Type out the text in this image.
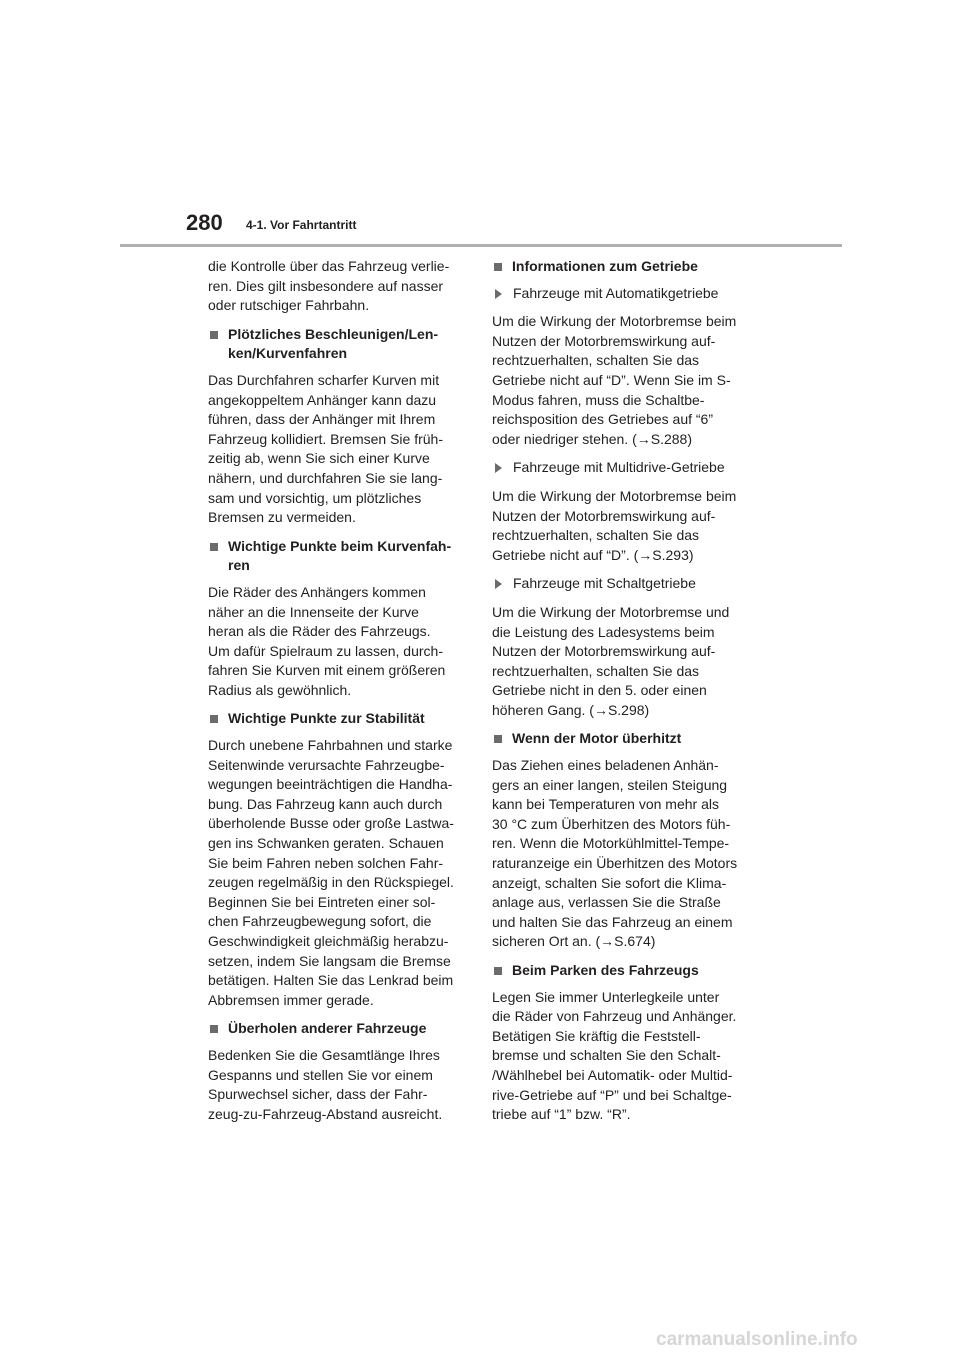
280 4-1. Vor Fahrtantritt
die Kontrolle über das Fahrzeug verlie-
ren. Dies gilt insbesondere auf nasser
oder rutschiger Fahrbahn.
Plötzliches Beschleunigen/Len-
ken/Kurvenfahren
Das Durchfahren scharfer Kurven mit
angekoppeltem Anhänger kann dazu
führen, dass der Anhänger mit Ihrem
Fahrzeug kollidiert. Bremsen Sie früh-
zeitig ab, wenn Sie sich einer Kurve
nähern, und durchfahren Sie sie lang-
sam und vorsichtig, um plötzliches
Bremsen zu vermeiden.
Wichtige Punkte beim Kurvenfah-
ren
Die Räder des Anhängers kommen
näher an die Innenseite der Kurve
heran als die Räder des Fahrzeugs.
Um dafür Spielraum zu lassen, durch-
fahren Sie Kurven mit einem größeren
Radius als gewöhnlich.
Wichtige Punkte zur Stabilität
Durch unebene Fahrbahnen und starke
Seitenwinde verursachte Fahrzeugbe-
wegungen beeinträchtigen die Handha-
bung. Das Fahrzeug kann auch durch
überholende Busse oder große Lastwa-
gen ins Schwanken geraten. Schauen
Sie beim Fahren neben solchen Fahr-
zeugen regelmäßig in den Rückspiegel.
Beginnen Sie bei Eintreten einer sol-
chen Fahrzeugbewegung sofort, die
Geschwindigkeit gleichmäßig herabzu-
setzen, indem Sie langsam die Bremse
betätigen. Halten Sie das Lenkrad beim
Abbremsen immer gerade.
Überholen anderer Fahrzeuge
Bedenken Sie die Gesamtlänge Ihres
Gespanns und stellen Sie vor einem
Spurwechsel sicher, dass der Fahr-
zeug-zu-Fahrzeug-Abstand ausreicht.
Informationen zum Getriebe
Fahrzeuge mit Automatikgetriebe
Um die Wirkung der Motorbremse beim
Nutzen der Motorbremswirkung auf-
rechtzuerhalten, schalten Sie das
Getriebe nicht auf “D”. Wenn Sie im S-
Modus fahren, muss die Schaltbe-
reichsposition des Getriebes auf “6”
oder niedriger stehen. (→S.288)
Fahrzeuge mit Multidrive-Getriebe
Um die Wirkung der Motorbremse beim
Nutzen der Motorbremswirkung auf-
rechtzuerhalten, schalten Sie das
Getriebe nicht auf “D”. (→S.293)
Fahrzeuge mit Schaltgetriebe
Um die Wirkung der Motorbremse und
die Leistung des Ladesystems beim
Nutzen der Motorbremswirkung auf-
rechtzuerhalten, schalten Sie das
Getriebe nicht in den 5. oder einen
höheren Gang. (→S.298)
Wenn der Motor überhitzt
Das Ziehen eines beladenen Anhän-
gers an einer langen, steilen Steigung
kann bei Temperaturen von mehr als
30 °C zum Überhitzen des Motors füh-
ren. Wenn die Motorkühlmittel-Tempe-
raturanzeige ein Überhitzen des Motors
anzeigt, schalten Sie sofort die Klima-
anlage aus, verlassen Sie die Straße
und halten Sie das Fahrzeug an einem
sicheren Ort an. (→S.674)
Beim Parken des Fahrzeugs
Legen Sie immer Unterlegkeile unter
die Räder von Fahrzeug und Anhänger.
Betätigen Sie kräftig die Feststell-
bremse und schalten Sie den Schalt-
/Wählhebel bei Automatik- oder Multid-
rive-Getriebe auf “P” und bei Schaltge-
triebe auf “1” bzw. “R”.
carmanualsonline.info
